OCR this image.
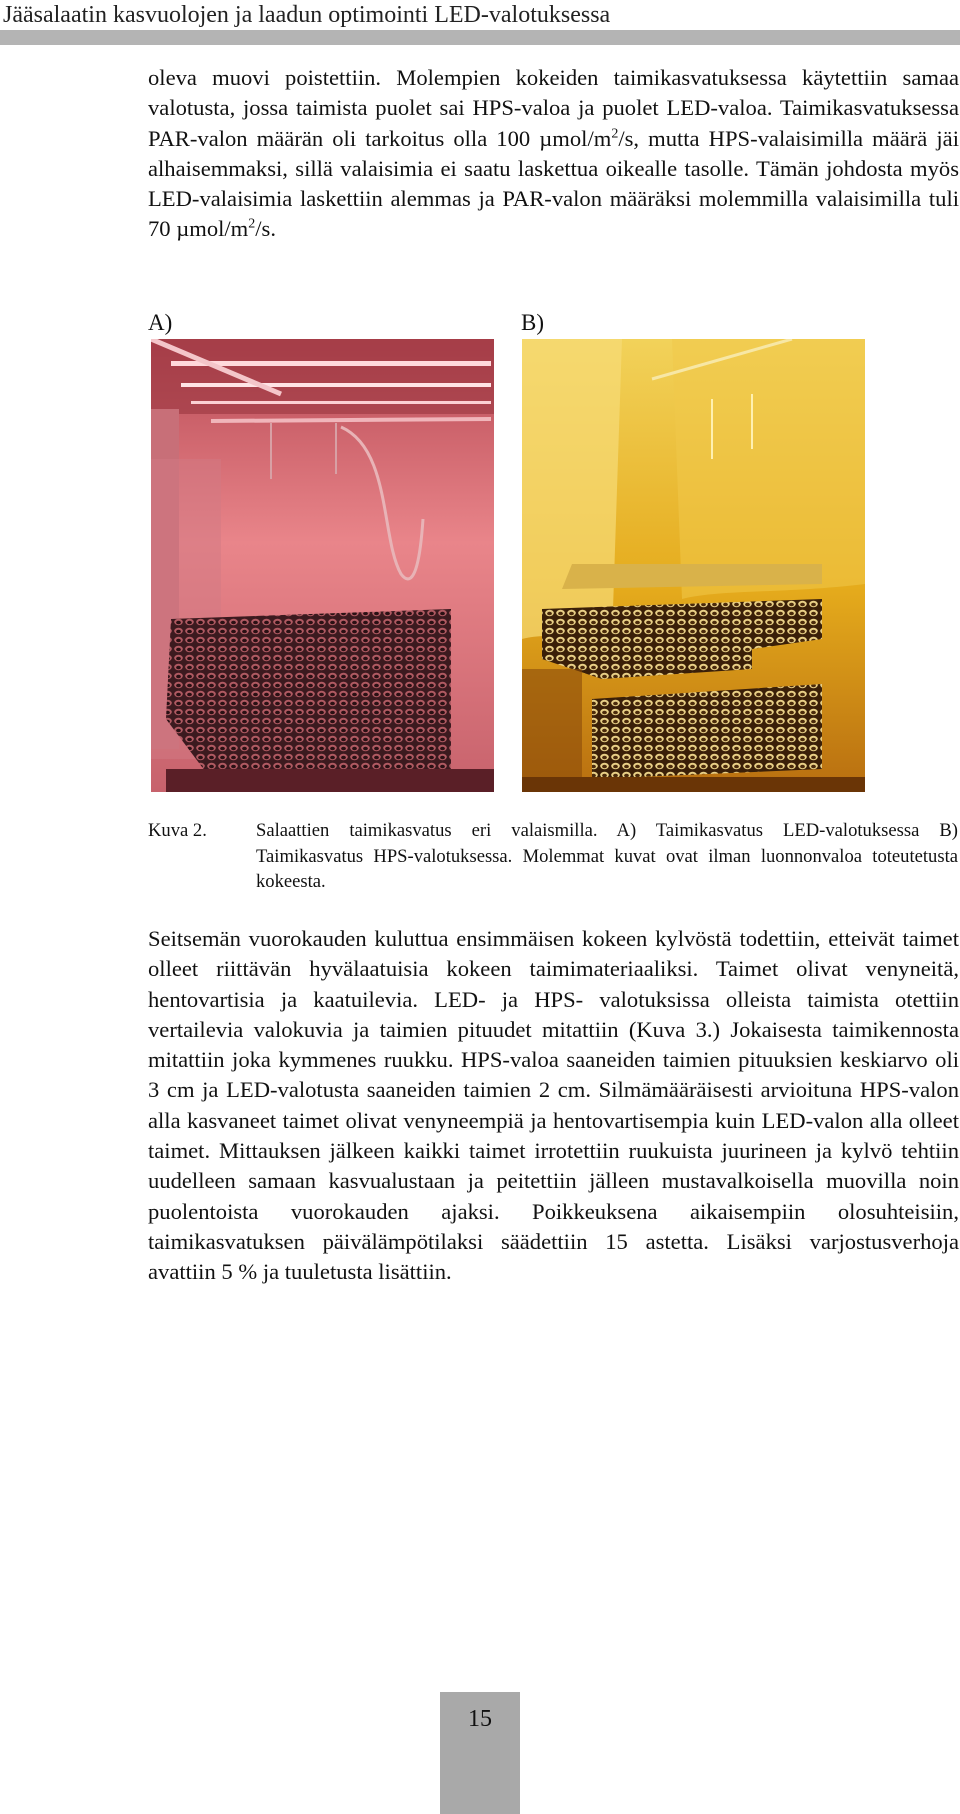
Jääsalaatin kasvuolojen ja laadun optimointi LED-valotuksessa

oleva muovi poistettiin. Molempien kokeiden taimikasvatuksessa käytettiin samaa valotusta, jossa taimista puolet sai HPS-valoa ja puolet LED-valoa. Taimikasvatuksessa PAR-valon määrän oli tarkoitus olla 100 µmol/$m^2/s$, mutta HPS-valaisimilla määrä jäi alhaisemmaksi, sillä valaisimia ei saatu laskettua oikealle tasolle. Tämän johdosta myös LED-valaisimia laskettiin alemmas ja PAR-valon määräksi molemmilla valaisimilla tuli 70 µmol/$m^2/s$.

A)	B)
Kuva 2.	Salaattien taimikasvatus eri valaismilla. A) Taimikasvatus LED-valotuksessa B) Taimikasvatus HPS-valotuksessa. Molemmat kuvat ovat ilman luonnonvaloa toteutetusta kokeesta.

Seitsemän vuorokauden kuluttua ensimmäisen kokeen kylvöstä todettiin, etteivät taimet olleet riittävän hyvälaatuisia kokeen taimimateriaaliksi. Taimet olivat venyneitä, hentovartisia ja kaatuilevia. LED- ja HPS- valotuksissa olleista taimista otettiin vertailevia valokuvia ja taimien pituudet mitattiin (Kuva 3.) Jokaisesta taimikennosta mitattiin joka kymmenes ruukku. HPS-valoa saaneiden taimien pituuksien keskiarvo oli 3 cm ja LED-valotusta saaneiden taimien 2 cm. Silmämääräisesti arvioituna HPS-valon alla kasvaneet taimet olivat venyneempiä ja hentovartisempia kuin LED-valon alla olleet taimet. Mittauksen jälkeen kaikki taimet irrotettiin ruukuista juurineen ja kylvö tehtiin uudelleen samaan kasvualustaan ja peitettiin jälleen mustavalkoisella muovilla noin puolentoista vuorokauden ajaksi. Poikkeuksena aikaisempiin olosuhteisiin, taimikasvatuksen päivälämpötilaksi säädettiin 15 astetta. Lisäksi varjostusverhoja avattiin 5 % ja tuuletusta lisättiin.

15
